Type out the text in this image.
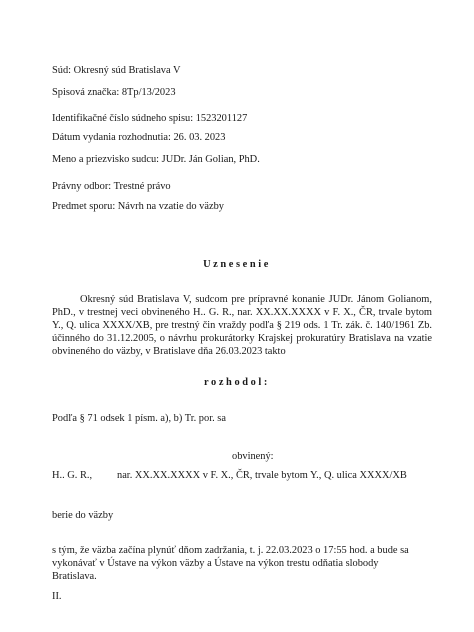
Súd: Okresný súd Bratislava V
Spisová značka: 8Tp/13/2023
Identifikačné číslo súdneho spisu: 1523201127
Dátum vydania rozhodnutia: 26. 03. 2023
Meno a priezvisko sudcu: JUDr. Ján Golian, PhD.
Právny odbor: Trestné právo
Predmet sporu: Návrh na vzatie do väzby
Uznesenie
Okresný súd Bratislava V, sudcom pre prípravné konanie JUDr. Jánom Golianom, PhD., v trestnej veci obvineného H.. G. R., nar. XX.XX.XXXX v F. X., ČR, trvale bytom Y., Q. ulica XXXX/XB, pre trestný čin vraždy podľa § 219 ods. 1 Tr. zák. č. 140/1961 Zb. účinného do 31.12.2005, o návrhu prokurátorky Krajskej prokuratúry Bratislava na vzatie obvineného do väzby, v Bratislave dňa 26.03.2023 takto
rozhodol:
Podľa § 71 odsek 1 písm. a), b) Tr. por. sa
obvinený:
H.. G. R., nar. XX.XX.XXXX v F. X., ČR, trvale bytom Y., Q. ulica XXXX/XB
berie do väzby
s tým, že väzba začína plynúť dňom zadržania, t. j. 22.03.2023 o 17:55 hod. a bude sa vykonávať v Ústave na výkon väzby a Ústave na výkon trestu odňatia slobody Bratislava.
II.
